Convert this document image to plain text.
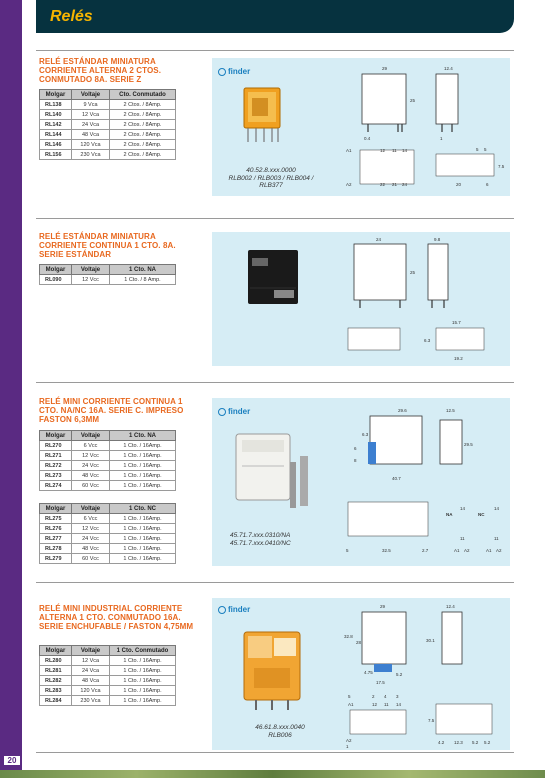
20
Relés
RELÉ ESTÁNDAR MINIATURA CORRIENTE ALTERNA 2 CTOS. CONMUTADO 8A. SERIE Z
Molgar	Voltaje	Cto. Conmutado
RL138	9 Vca	2 Ctos. / 8Amp.
RL140	12 Vca	2 Ctos. / 8Amp.
RL142	24 Vca	2 Ctos. / 8Amp.
RL144	48 Vca	2 Ctos. / 8Amp.
RL146	120 Vca	2 Ctos. / 8Amp.
RL156	230 Vca	2 Ctos. / 8Amp.
finder
40.52.8.xxx.0000
RLB002 / RLB003 / RLB004 /
RLB377
29	12.4
25
0.4	1
A1	12 11 14
A2	22 21 24
5 5
20	6
7.5
RELÉ ESTÁNDAR MINIATURA CORRIENTE CONTINUA 1 CTO. 8A. SERIE ESTÁNDAR
Molgar	Voltaje	1 Cto. NA
RL090	12 Vcc	1 Cto. / 8 Amp.
24	9.8
25
15.7
6.3
19.2
RELÉ MINI CORRIENTE CONTINUA 1 CTO. NA/NC 16A. SERIE C. IMPRESO FASTON 6,3MM
Molgar	Voltaje	1 Cto. NA
RL270	6 Vcc	1 Cto. / 16Amp.
RL271	12 Vcc	1 Cto. / 16Amp.
RL272	24 Vcc	1 Cto. / 16Amp.
RL273	48 Vcc	1 Cto. / 16Amp.
RL274	60 Vcc	1 Cto. / 16Amp.
Molgar	Voltaje	1 Cto. NC
RL275	6 Vcc	1 Cto. / 16Amp.
RL276	12 Vcc	1 Cto. / 16Amp.
RL277	24 Vcc	1 Cto. / 16Amp.
RL278	48 Vcc	1 Cto. / 16Amp.
RL279	60 Vcc	1 Cto. / 16Amp.
finder
45.71.7.xxx.0310/NA
45.71.7.xxx.0410/NC
29.6	12.5
6.3
29.5
6
8
40.7
5	32.5	2.7
NA	NC
14
11
14
11
A1 A2	A1 A2
RELÉ MINI INDUSTRIAL CORRIENTE ALTERNA 1 CTO. CONMUTADO 16A. SERIE ENCHUFABLE / FASTON 4,75MM
Molgar	Voltaje	1 Cto. Conmutado
RL280	12 Vca	1 Cto. / 16Amp.
RL281	24 Vca	1 Cto. / 16Amp.
RL282	48 Vca	1 Cto. / 16Amp.
RL283	120 Vca	1 Cto. / 16Amp.
RL284	230 Vca	1 Cto. / 16Amp.
finder
46.61.8.xxx.0040
RLB006
29	12.4
32.8
28	30.1
4.75
17.5
5.2
5
A1
2
12
4
11
3
14
A2
1
7.5
4.2 12.3 5.2 5.2
